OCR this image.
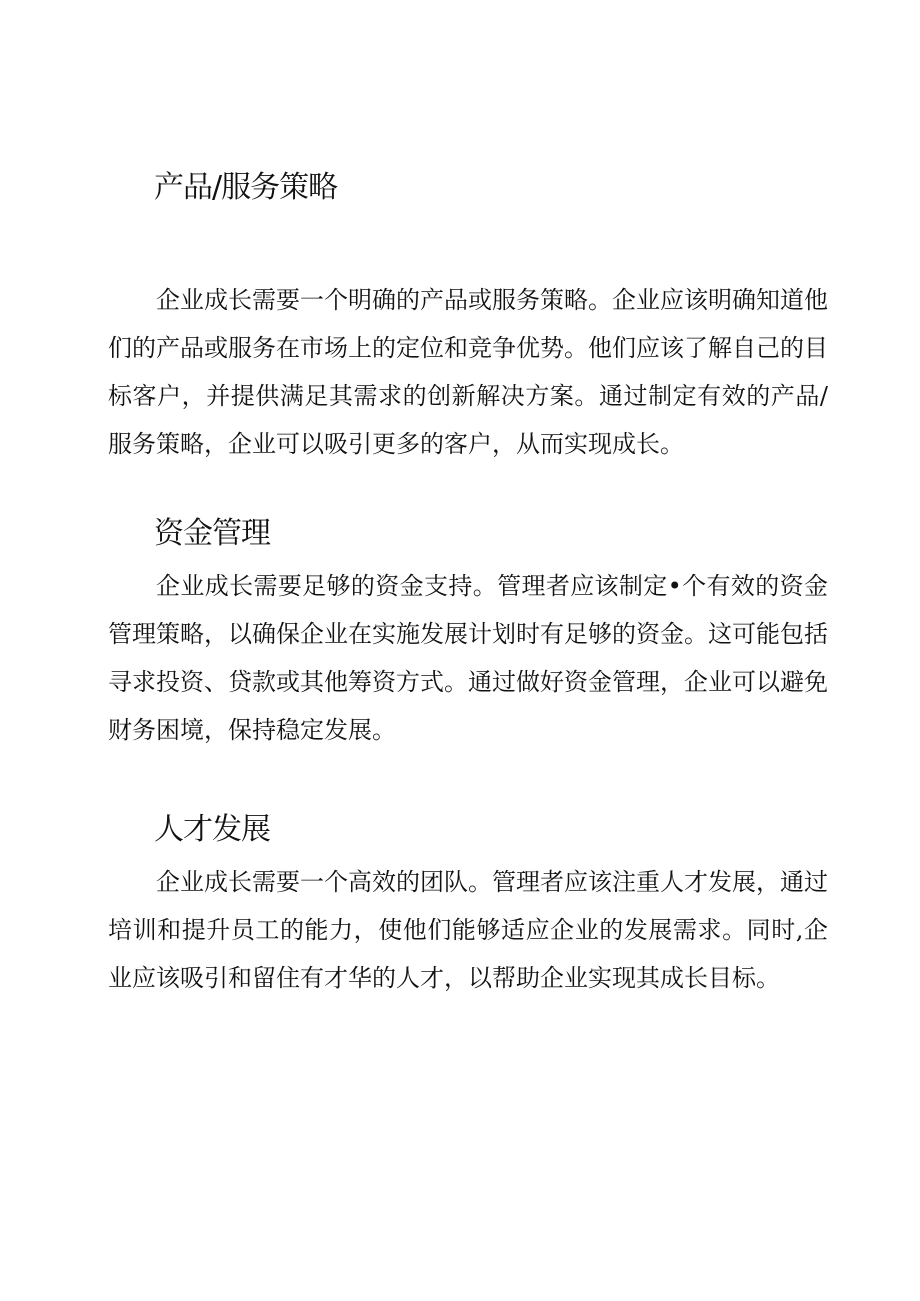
产品/服务策略

企业成长需要一个明确的产品或服务策略。企业应该明确知道他们的产品或服务在市场上的定位和竞争优势。他们应该了解自己的目标客户，并提供满足其需求的创新解决方案。通过制定有效的产品/服务策略，企业可以吸引更多的客户，从而实现成长。

资金管理

企业成长需要足够的资金支持。管理者应该制定•个有效的资金管理策略，以确保企业在实施发展计划时有足够的资金。这可能包括寻求投资、贷款或其他筹资方式。通过做好资金管理，企业可以避免财务困境，保持稳定发展。

人才发展

企业成长需要一个高效的团队。管理者应该注重人才发展，通过培训和提升员工的能力，使他们能够适应企业的发展需求。同时,企业应该吸引和留住有才华的人才，以帮助企业实现其成长目标。
